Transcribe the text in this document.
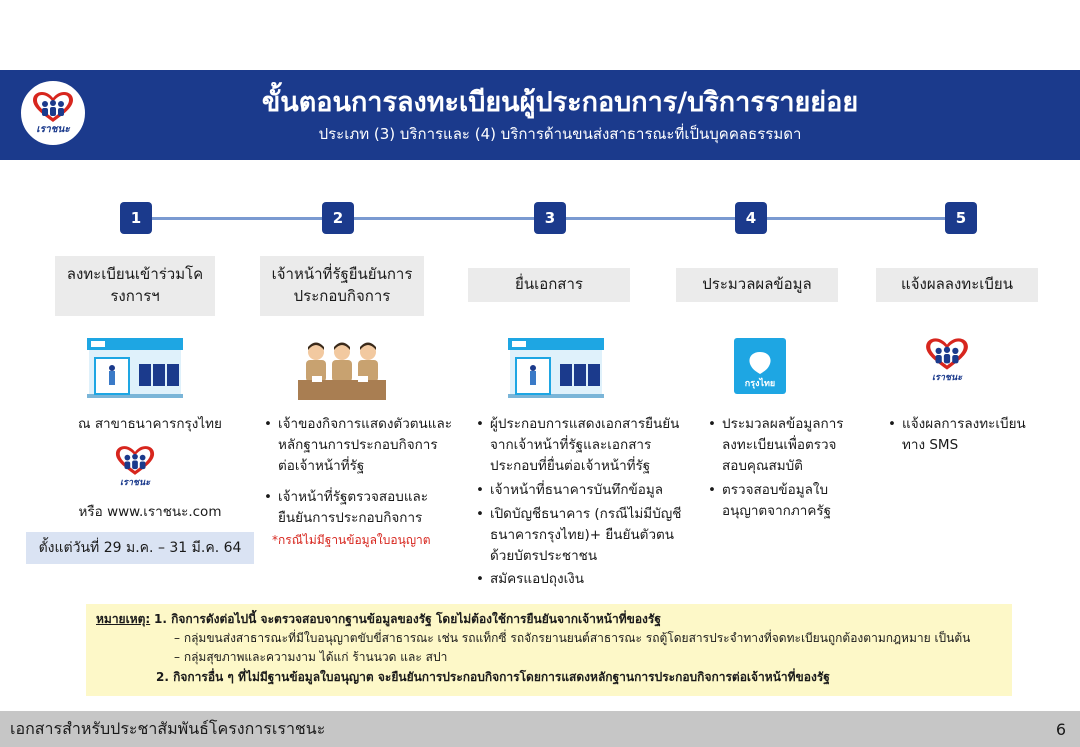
เราชนะ
ขั้นตอนการลงทะเบียนผู้ประกอบการ/บริการรายย่อย
ประเภท (3) บริการและ (4) บริการด้านขนส่งสาธารณะที่เป็นบุคคลธรรมดา
1	2	3	4	5
ลงทะเบียนเข้าร่วมโครงการฯ
เจ้าหน้าที่รัฐยืนยันการประกอบกิจการ
ยื่นเอกสาร	ประมวลผลข้อมูล	แจ้งผลลงทะเบียน
กรุงไทย
เราชนะ
ณ สาขาธนาคารกรุงไทย
เราชนะ
หรือ www.เราชนะ.com
ตั้งแต่วันที่ 29 ม.ค. – 31 มี.ค. 64
• เจ้าของกิจการแสดงตัวตนและหลักฐานการประกอบกิจการต่อเจ้าหน้าที่รัฐ
• เจ้าหน้าที่รัฐตรวจสอบและยืนยันการประกอบกิจการ
*กรณีไม่มีฐานข้อมูลใบอนุญาต
• ผู้ประกอบการแสดงเอกสารยืนยันจากเจ้าหน้าที่รัฐและเอกสารประกอบที่ยื่นต่อเจ้าหน้าที่รัฐ
• เจ้าหน้าที่ธนาคารบันทึกข้อมูล
• เปิดบัญชีธนาคาร (กรณีไม่มีบัญชีธนาคารกรุงไทย)+ ยืนยันตัวตนด้วยบัตรประชาชน
• สมัครแอปถุงเงิน
• ประมวลผลข้อมูลการลงทะเบียนเพื่อตรวจสอบคุณสมบัติ
• ตรวจสอบข้อมูลใบอนุญาตจากภาครัฐ
• แจ้งผลการลงทะเบียนทาง SMS
หมายเหตุ: 1. กิจการดังต่อไปนี้ จะตรวจสอบจากฐานข้อมูลของรัฐ โดยไม่ต้องใช้การยืนยันจากเจ้าหน้าที่ของรัฐ
– กลุ่มขนส่งสาธารณะที่มีใบอนุญาตขับขี่สาธารณะ เช่น รถแท็กซี่ รถจักรยานยนต์สาธารณะ รถตู้โดยสารประจำทางที่จดทะเบียนถูกต้องตามกฎหมาย เป็นต้น
– กลุ่มสุขภาพและความงาม ได้แก่ ร้านนวด และ สปา
2. กิจการอื่น ๆ ที่ไม่มีฐานข้อมูลใบอนุญาต จะยืนยันการประกอบกิจการโดยการแสดงหลักฐานการประกอบกิจการต่อเจ้าหน้าที่ของรัฐ
เอกสารสำหรับประชาสัมพันธ์โครงการเราชนะ	6
